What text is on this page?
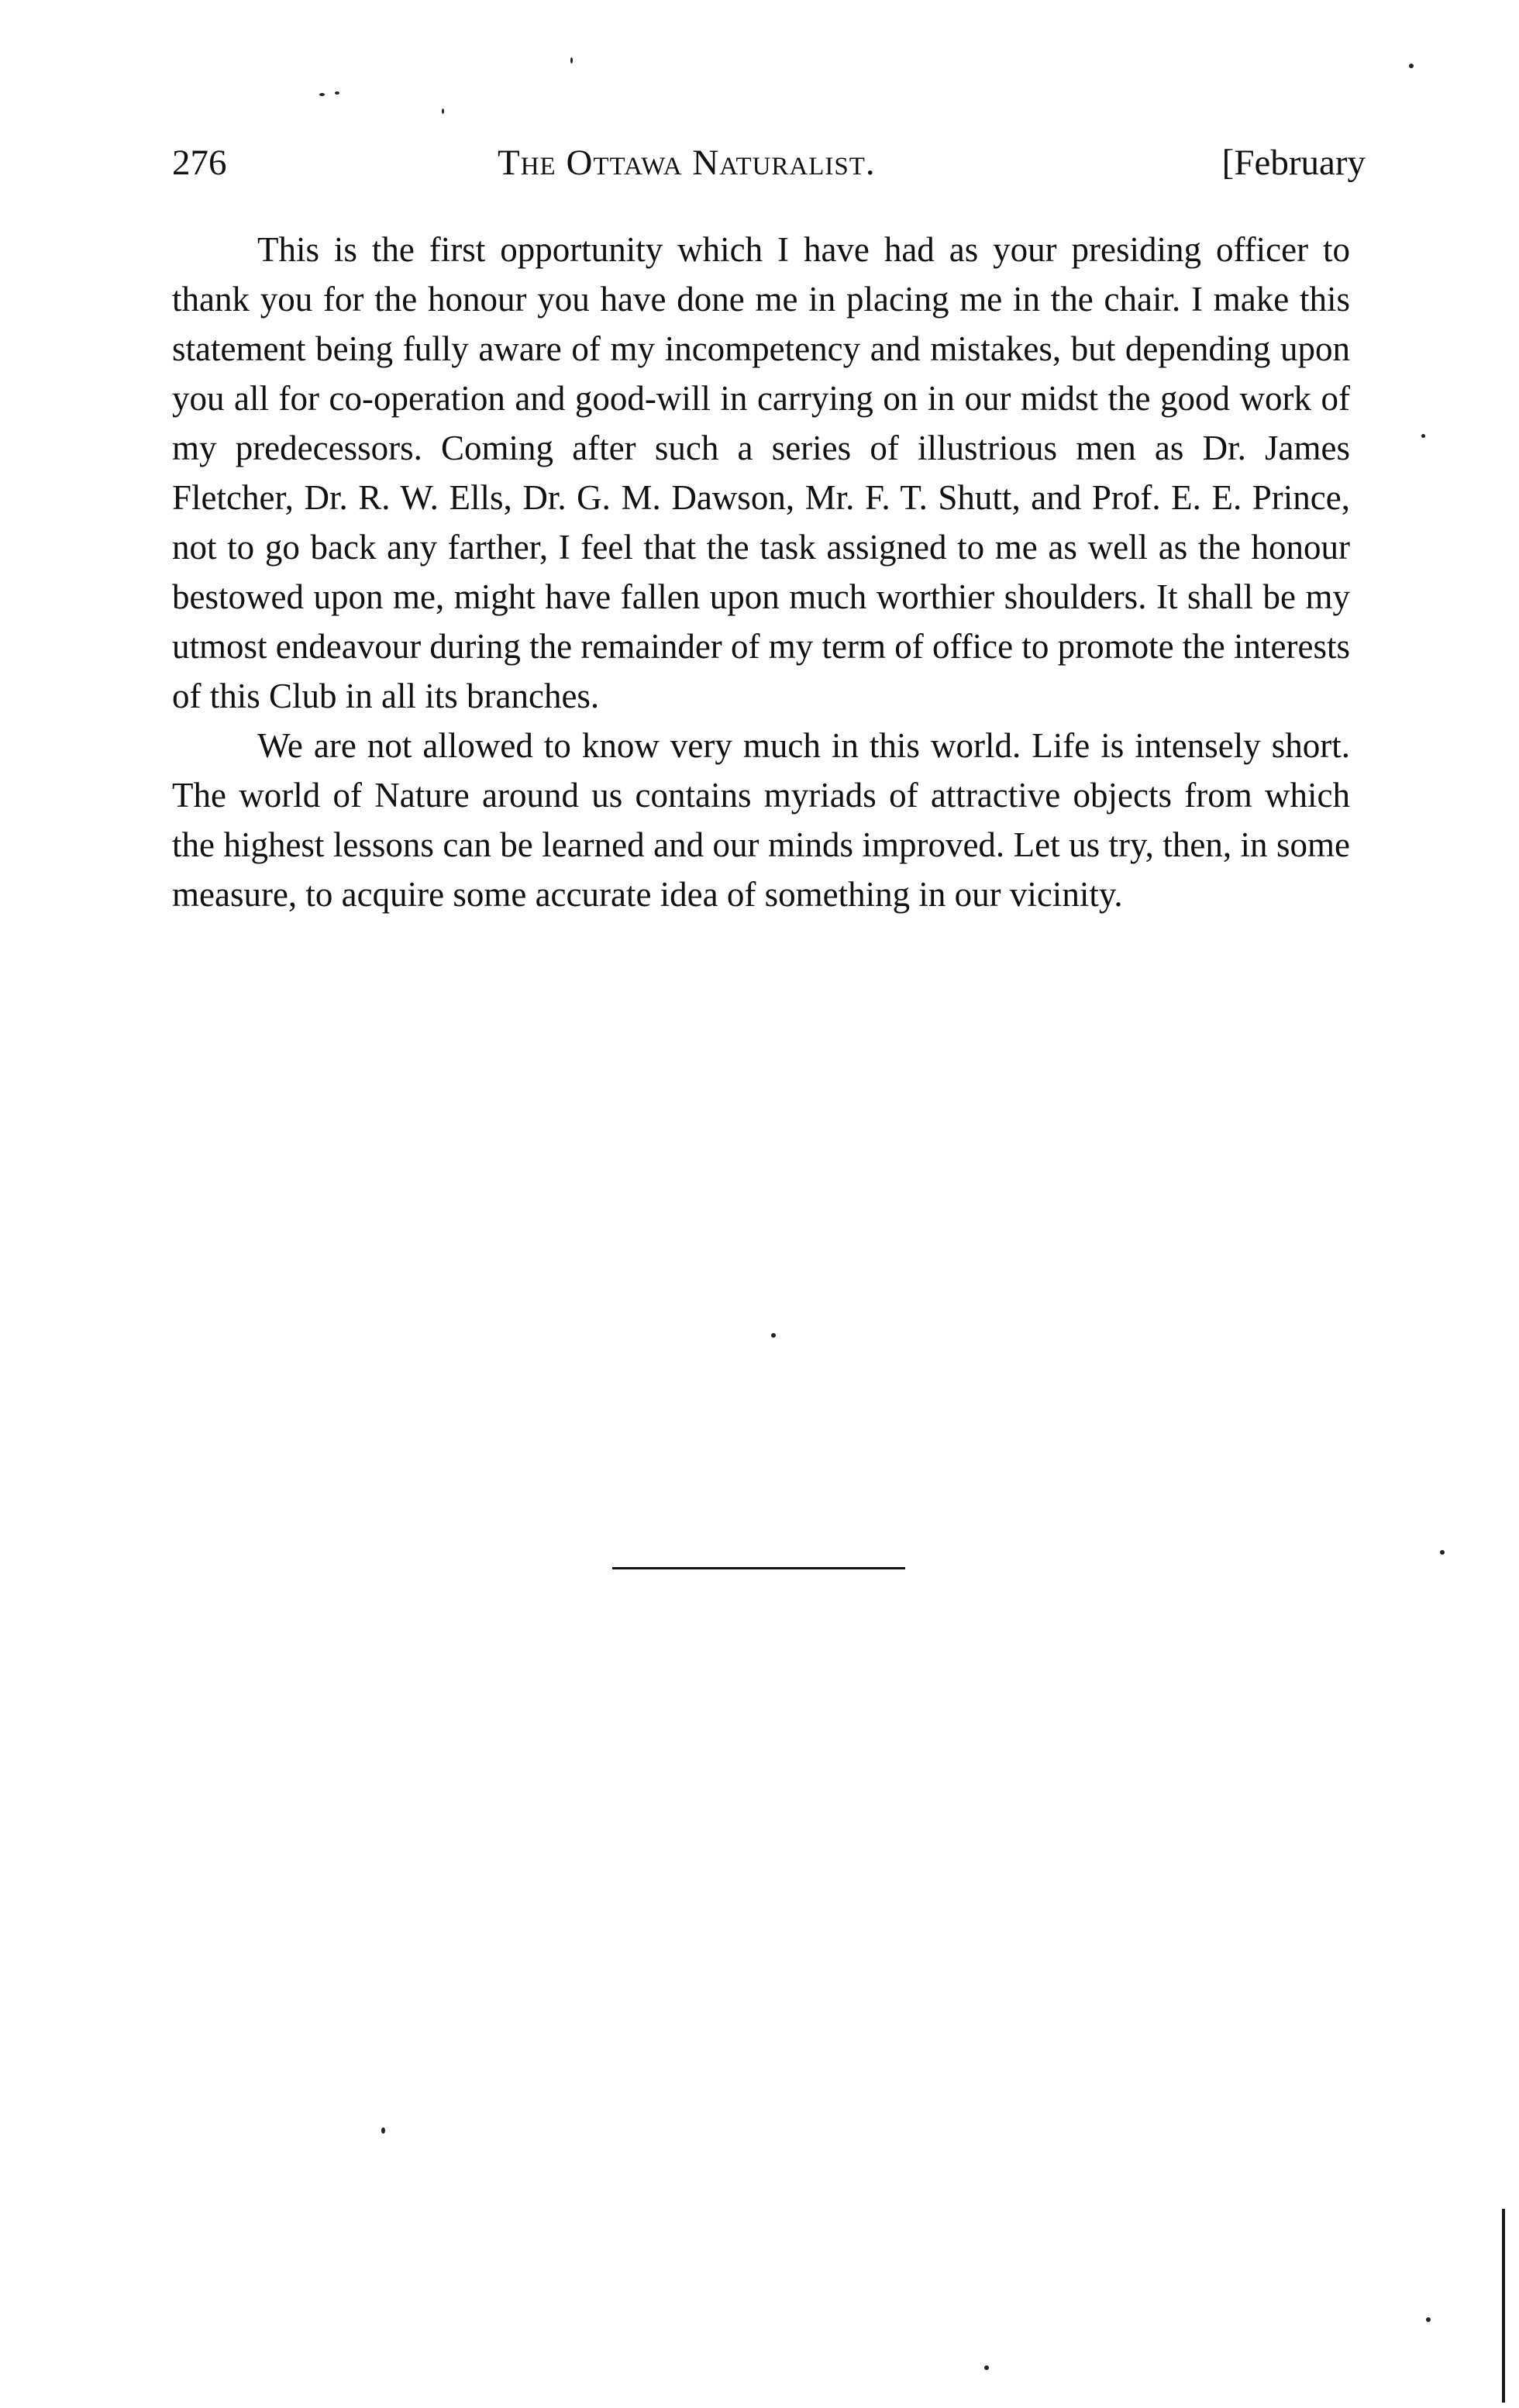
276	The Ottawa Naturalist.	[February

This is the first opportunity which I have had as your presiding officer to thank you for the honour you have done me in placing me in the chair. I make this statement being fully aware of my incompetency and mistakes, but depending upon you all for co-operation and good-will in carrying on in our midst the good work of my predecessors. Coming after such a series of illustrious men as Dr. James Fletcher, Dr. R. W. Ells, Dr. G. M. Dawson, Mr. F. T. Shutt, and Prof. E. E. Prince, not to go back any farther, I feel that the task assigned to me as well as the honour bestowed upon me, might have fallen upon much worthier shoulders. It shall be my utmost endeavour during the remainder of my term of office to promote the interests of this Club in all its branches.

We are not allowed to know very much in this world. Life is intensely short. The world of Nature around us contains myriads of attractive objects from which the highest lessons can be learned and our minds improved. Let us try, then, in some measure, to acquire some accurate idea of something in our vicinity.
